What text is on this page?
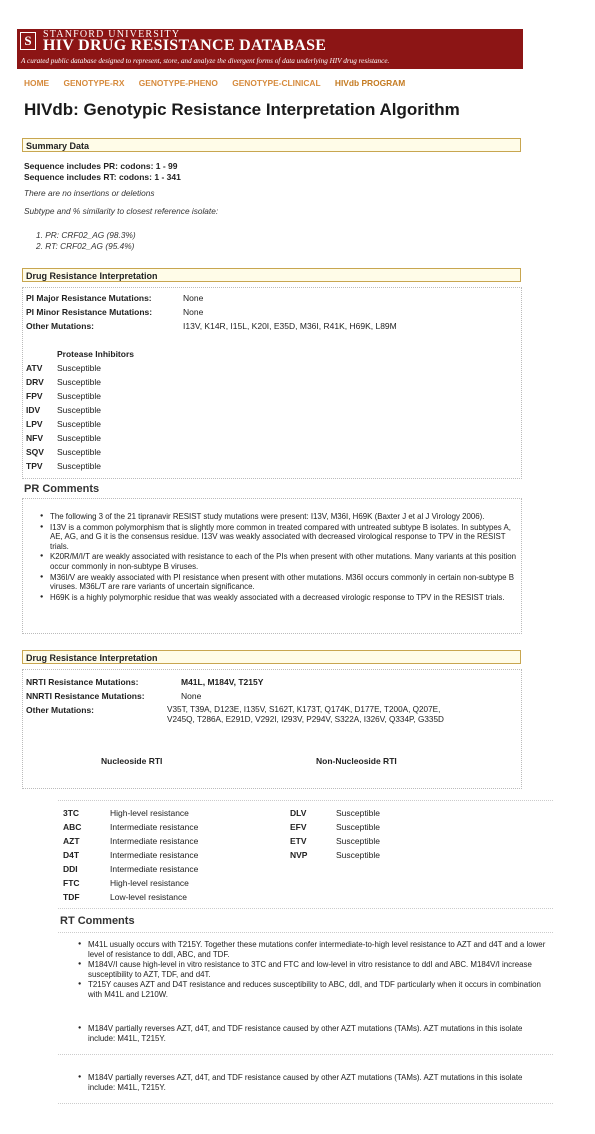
S	STANFORD UNIVERSITY
HIV DRUG RESISTANCE DATABASE
A curated public database designed to represent, store, and analyze the divergent forms of data underlying HIV drug resistance.
HOME GENOTYPE-RX GENOTYPE-PHENO GENOTYPE-CLINICAL HIVdb PROGRAM
HIVdb: Genotypic Resistance Interpretation Algorithm
Summary Data
Sequence includes PR: codons: 1 - 99
Sequence includes RT: codons: 1 - 341
There are no insertions or deletions
Subtype and % similarity to closest reference isolate:
1. PR: CRF02_AG (98.3%)
2. RT: CRF02_AG (95.4%)
Drug Resistance Interpretation
PI Major Resistance Mutations:	None
PI Minor Resistance Mutations:	None
Other Mutations:	I13V, K14R, I15L, K20I, E35D, M36I, R41K, H69K, L89M
Protease Inhibitors
ATV Susceptible
DRV Susceptible
FPV Susceptible
IDV Susceptible
LPV Susceptible
NFV Susceptible
SQV Susceptible
TPV Susceptible
PR Comments
● The following 3 of the 21 tipranavir RESIST study mutations were present: I13V, M36I, H69K (Baxter J et al J Virology 2006).
● I13V is a common polymorphism that is slightly more common in treated compared with untreated subtype B isolates. In subtypes A, AE, AG, and G it is the consensus residue. I13V was weakly associated with decreased virological response to TPV in the RESIST trials.
● K20R/M/I/T are weakly associated with resistance to each of the PIs when present with other mutations. Many variants at this position occur commonly in non-subtype B viruses.
● M36I/V are weakly associated with PI resistance when present with other mutations. M36I occurs commonly in certain non-subtype B viruses. M36L/T are rare variants of uncertain significance.
● H69K is a highly polymorphic residue that was weakly associated with a decreased virologic response to TPV in the RESIST trials.
Drug Resistance Interpretation
NRTI Resistance Mutations:	M41L, M184V, T215Y
NNRTI Resistance Mutations:	None
Other Mutations:	V35T, T39A, D123E, I135V, S162T, K173T, Q174K, D177E, T200A, Q207E, V245Q, T286A, E291D, V292I, I293V, P294V, S322A, I326V, Q334P, G335D
Nucleoside RTI	Non-Nucleoside RTI
3TC	High-level resistance
ABC	Intermediate resistance
AZT	Intermediate resistance
D4T	Intermediate resistance
DDI	Intermediate resistance
FTC	High-level resistance
TDF	Low-level resistance
DLV	Susceptible
EFV	Susceptible
ETV	Susceptible
NVP	Susceptible
RT Comments
● M41L usually occurs with T215Y. Together these mutations confer intermediate-to-high level resistance to AZT and d4T and a lower level of resistance to ddI, ABC, and TDF.
● M184V/I cause high-level in vitro resistance to 3TC and FTC and low-level in vitro resistance to ddI and ABC. M184V/I increase susceptibility to AZT, TDF, and d4T.
● T215Y causes AZT and D4T resistance and reduces susceptibility to ABC, ddI, and TDF particularly when it occurs in combination with M41L and L210W.
● M184V partially reverses AZT, d4T, and TDF resistance caused by other AZT mutations (TAMs). AZT mutations in this isolate include: M41L, T215Y.
● M184V partially reverses AZT, d4T, and TDF resistance caused by other AZT mutations (TAMs). AZT mutations in this isolate include: M41L, T215Y.
